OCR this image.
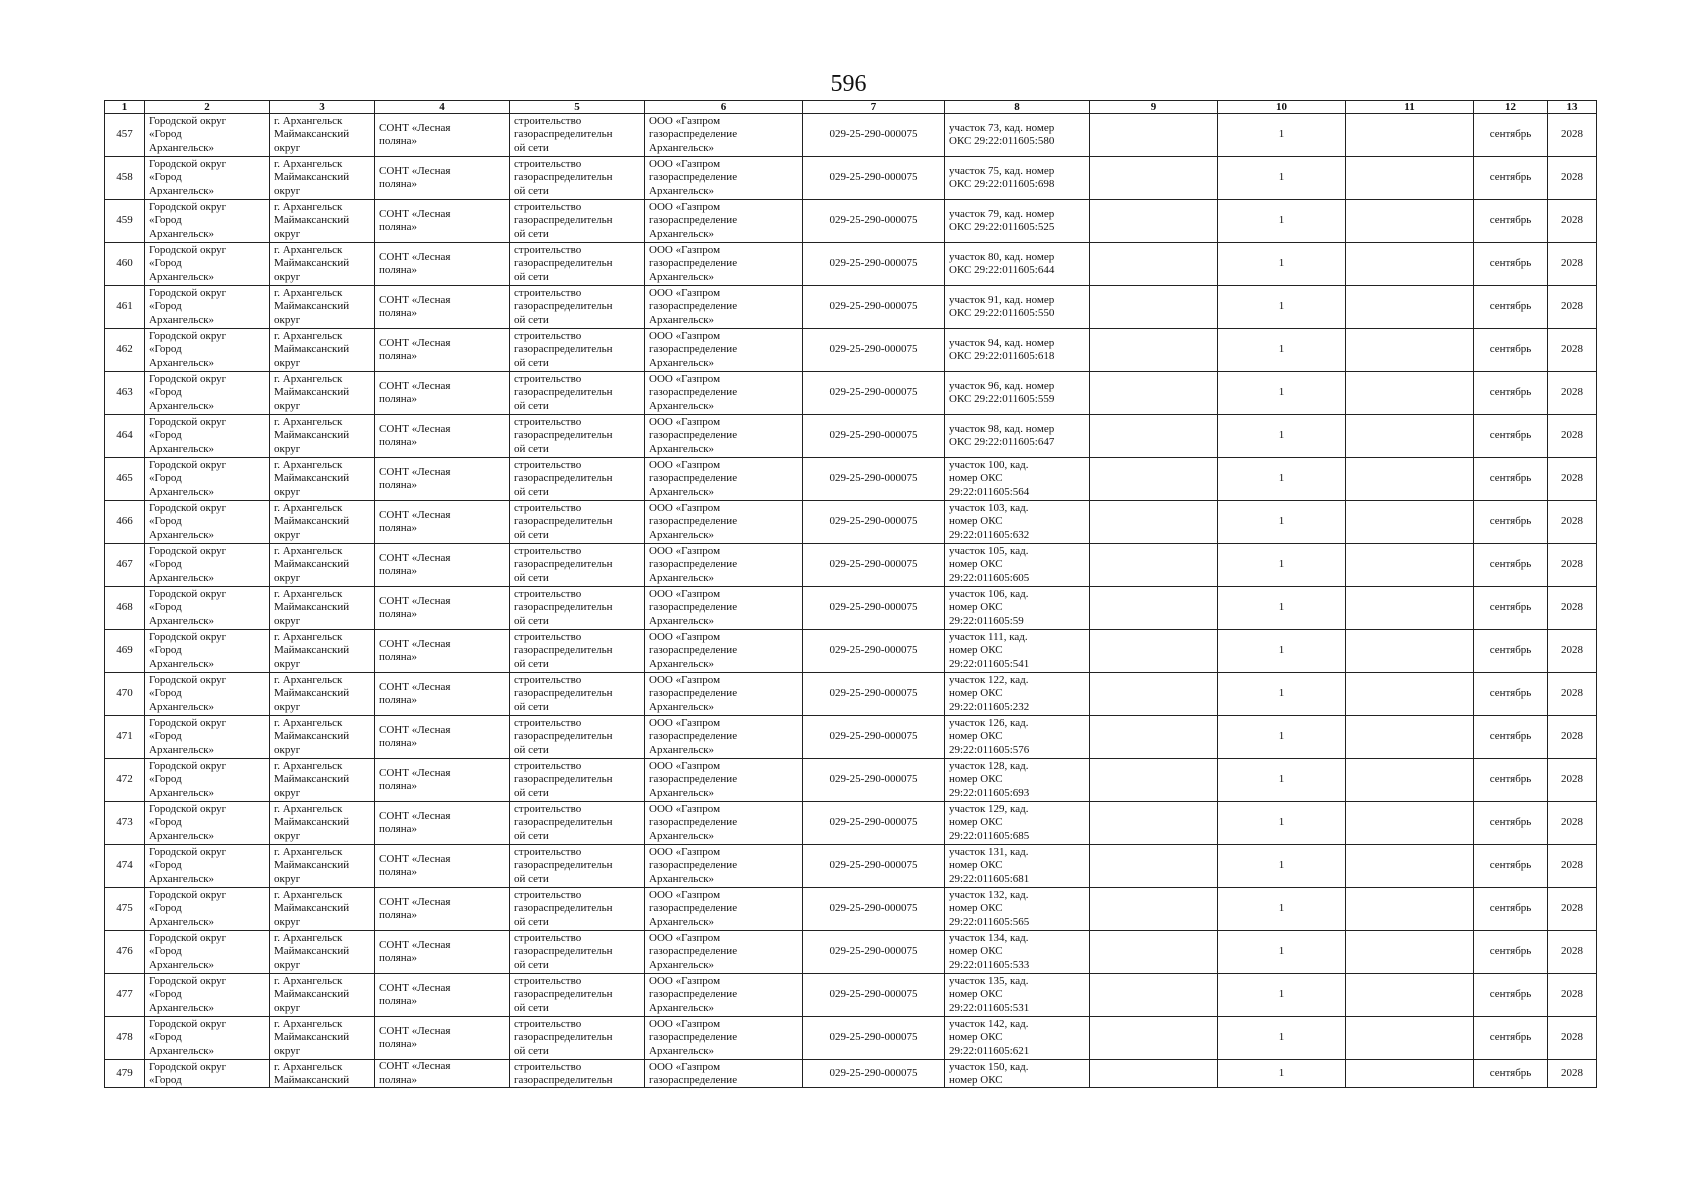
596
1	2	3	4	5	6	7	8	9	10	11	12	13
457	Городской округ
«Город
Архангельск»	г. Архангельск
Маймаксанский
округ	СОНТ «Лесная
поляна»	строительство
газораспределительн
ой сети	ООО «Газпром
газораспределение
Архангельск»	029-25-290-000075	участок 73, кад. номер
ОКС 29:22:011605:580		1		сентябрь	2028
458	Городской округ
«Город
Архангельск»	г. Архангельск
Маймаксанский
округ	СОНТ «Лесная
поляна»	строительство
газораспределительн
ой сети	ООО «Газпром
газораспределение
Архангельск»	029-25-290-000075	участок 75, кад. номер
ОКС 29:22:011605:698		1		сентябрь	2028
459	Городской округ
«Город
Архангельск»	г. Архангельск
Маймаксанский
округ	СОНТ «Лесная
поляна»	строительство
газораспределительн
ой сети	ООО «Газпром
газораспределение
Архангельск»	029-25-290-000075	участок 79, кад. номер
ОКС 29:22:011605:525		1		сентябрь	2028
460	Городской округ
«Город
Архангельск»	г. Архангельск
Маймаксанский
округ	СОНТ «Лесная
поляна»	строительство
газораспределительн
ой сети	ООО «Газпром
газораспределение
Архангельск»	029-25-290-000075	участок 80, кад. номер
ОКС 29:22:011605:644		1		сентябрь	2028
461	Городской округ
«Город
Архангельск»	г. Архангельск
Маймаксанский
округ	СОНТ «Лесная
поляна»	строительство
газораспределительн
ой сети	ООО «Газпром
газораспределение
Архангельск»	029-25-290-000075	участок 91, кад. номер
ОКС 29:22:011605:550		1		сентябрь	2028
462	Городской округ
«Город
Архангельск»	г. Архангельск
Маймаксанский
округ	СОНТ «Лесная
поляна»	строительство
газораспределительн
ой сети	ООО «Газпром
газораспределение
Архангельск»	029-25-290-000075	участок 94, кад. номер
ОКС 29:22:011605:618		1		сентябрь	2028
463	Городской округ
«Город
Архангельск»	г. Архангельск
Маймаксанский
округ	СОНТ «Лесная
поляна»	строительство
газораспределительн
ой сети	ООО «Газпром
газораспределение
Архангельск»	029-25-290-000075	участок 96, кад. номер
ОКС 29:22:011605:559		1		сентябрь	2028
464	Городской округ
«Город
Архангельск»	г. Архангельск
Маймаксанский
округ	СОНТ «Лесная
поляна»	строительство
газораспределительн
ой сети	ООО «Газпром
газораспределение
Архангельск»	029-25-290-000075	участок 98, кад. номер
ОКС 29:22:011605:647		1		сентябрь	2028
465	Городской округ
«Город
Архангельск»	г. Архангельск
Маймаксанский
округ	СОНТ «Лесная
поляна»	строительство
газораспределительн
ой сети	ООО «Газпром
газораспределение
Архангельск»	029-25-290-000075	участок 100, кад.
номер ОКС
29:22:011605:564		1		сентябрь	2028
466	Городской округ
«Город
Архангельск»	г. Архангельск
Маймаксанский
округ	СОНТ «Лесная
поляна»	строительство
газораспределительн
ой сети	ООО «Газпром
газораспределение
Архангельск»	029-25-290-000075	участок 103, кад.
номер ОКС
29:22:011605:632		1		сентябрь	2028
467	Городской округ
«Город
Архангельск»	г. Архангельск
Маймаксанский
округ	СОНТ «Лесная
поляна»	строительство
газораспределительн
ой сети	ООО «Газпром
газораспределение
Архангельск»	029-25-290-000075	участок 105, кад.
номер ОКС
29:22:011605:605		1		сентябрь	2028
468	Городской округ
«Город
Архангельск»	г. Архангельск
Маймаксанский
округ	СОНТ «Лесная
поляна»	строительство
газораспределительн
ой сети	ООО «Газпром
газораспределение
Архангельск»	029-25-290-000075	участок 106, кад.
номер ОКС
29:22:011605:59		1		сентябрь	2028
469	Городской округ
«Город
Архангельск»	г. Архангельск
Маймаксанский
округ	СОНТ «Лесная
поляна»	строительство
газораспределительн
ой сети	ООО «Газпром
газораспределение
Архангельск»	029-25-290-000075	участок 111, кад.
номер ОКС
29:22:011605:541		1		сентябрь	2028
470	Городской округ
«Город
Архангельск»	г. Архангельск
Маймаксанский
округ	СОНТ «Лесная
поляна»	строительство
газораспределительн
ой сети	ООО «Газпром
газораспределение
Архангельск»	029-25-290-000075	участок 122, кад.
номер ОКС
29:22:011605:232		1		сентябрь	2028
471	Городской округ
«Город
Архангельск»	г. Архангельск
Маймаксанский
округ	СОНТ «Лесная
поляна»	строительство
газораспределительн
ой сети	ООО «Газпром
газораспределение
Архангельск»	029-25-290-000075	участок 126, кад.
номер ОКС
29:22:011605:576		1		сентябрь	2028
472	Городской округ
«Город
Архангельск»	г. Архангельск
Маймаксанский
округ	СОНТ «Лесная
поляна»	строительство
газораспределительн
ой сети	ООО «Газпром
газораспределение
Архангельск»	029-25-290-000075	участок 128, кад.
номер ОКС
29:22:011605:693		1		сентябрь	2028
473	Городской округ
«Город
Архангельск»	г. Архангельск
Маймаксанский
округ	СОНТ «Лесная
поляна»	строительство
газораспределительн
ой сети	ООО «Газпром
газораспределение
Архангельск»	029-25-290-000075	участок 129, кад.
номер ОКС
29:22:011605:685		1		сентябрь	2028
474	Городской округ
«Город
Архангельск»	г. Архангельск
Маймаксанский
округ	СОНТ «Лесная
поляна»	строительство
газораспределительн
ой сети	ООО «Газпром
газораспределение
Архангельск»	029-25-290-000075	участок 131, кад.
номер ОКС
29:22:011605:681		1		сентябрь	2028
475	Городской округ
«Город
Архангельск»	г. Архангельск
Маймаксанский
округ	СОНТ «Лесная
поляна»	строительство
газораспределительн
ой сети	ООО «Газпром
газораспределение
Архангельск»	029-25-290-000075	участок 132, кад.
номер ОКС
29:22:011605:565		1		сентябрь	2028
476	Городской округ
«Город
Архангельск»	г. Архангельск
Маймаксанский
округ	СОНТ «Лесная
поляна»	строительство
газораспределительн
ой сети	ООО «Газпром
газораспределение
Архангельск»	029-25-290-000075	участок 134, кад.
номер ОКС
29:22:011605:533		1		сентябрь	2028
477	Городской округ
«Город
Архангельск»	г. Архангельск
Маймаксанский
округ	СОНТ «Лесная
поляна»	строительство
газораспределительн
ой сети	ООО «Газпром
газораспределение
Архангельск»	029-25-290-000075	участок 135, кад.
номер ОКС
29:22:011605:531		1		сентябрь	2028
478	Городской округ
«Город
Архангельск»	г. Архангельск
Маймаксанский
округ	СОНТ «Лесная
поляна»	строительство
газораспределительн
ой сети	ООО «Газпром
газораспределение
Архангельск»	029-25-290-000075	участок 142, кад.
номер ОКС
29:22:011605:621		1		сентябрь	2028
479	Городской округ
«Город	г. Архангельск
Маймаксанский	СОНТ «Лесная
поляна»	строительство
газораспределительн	ООО «Газпром
газораспределение	029-25-290-000075	участок 150, кад.
номер ОКС		1		сентябрь	2028
